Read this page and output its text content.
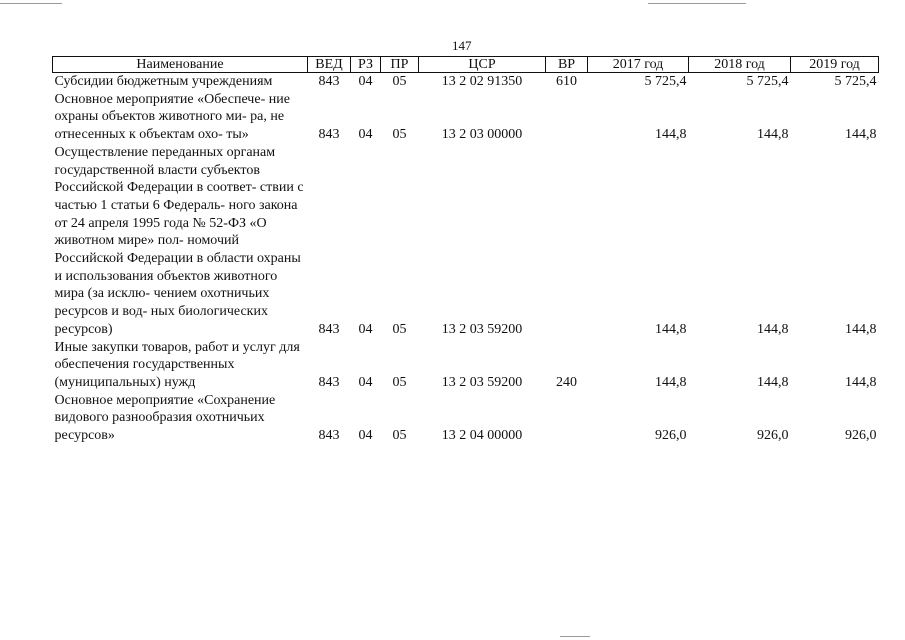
147
Наименование	ВЕД	РЗ	ПР	ЦСР	ВР	2017 год	2018 год	2019 год
Субсидии бюджетным учреждениям	843	04	05	13 2 02 91350	610	5 725,4	5 725,4	5 725,4
Основное мероприятие «Обеспече- ние охраны объектов животного ми- ра, не отнесенных к объектам охо- ты»	843	04	05	13 2 03 00000		144,8	144,8	144,8
Осуществление переданных органам государственной власти субъектов Российской Федерации в соответ- ствии с частью 1 статьи 6 Федераль- ного закона от 24 апреля 1995 года № 52-ФЗ «О животном мире» пол- номочий Российской Федерации в области охраны и использования объектов животного мира (за исклю- чением охотничьих ресурсов и вод- ных биологических ресурсов)	843	04	05	13 2 03 59200		144,8	144,8	144,8
Иные закупки товаров, работ и услуг для обеспечения государственных (муниципальных) нужд	843	04	05	13 2 03 59200	240	144,8	144,8	144,8
Основное мероприятие «Сохранение видового разнообразия охотничьих ресурсов»	843	04	05	13 2 04 00000		926,0	926,0	926,0
